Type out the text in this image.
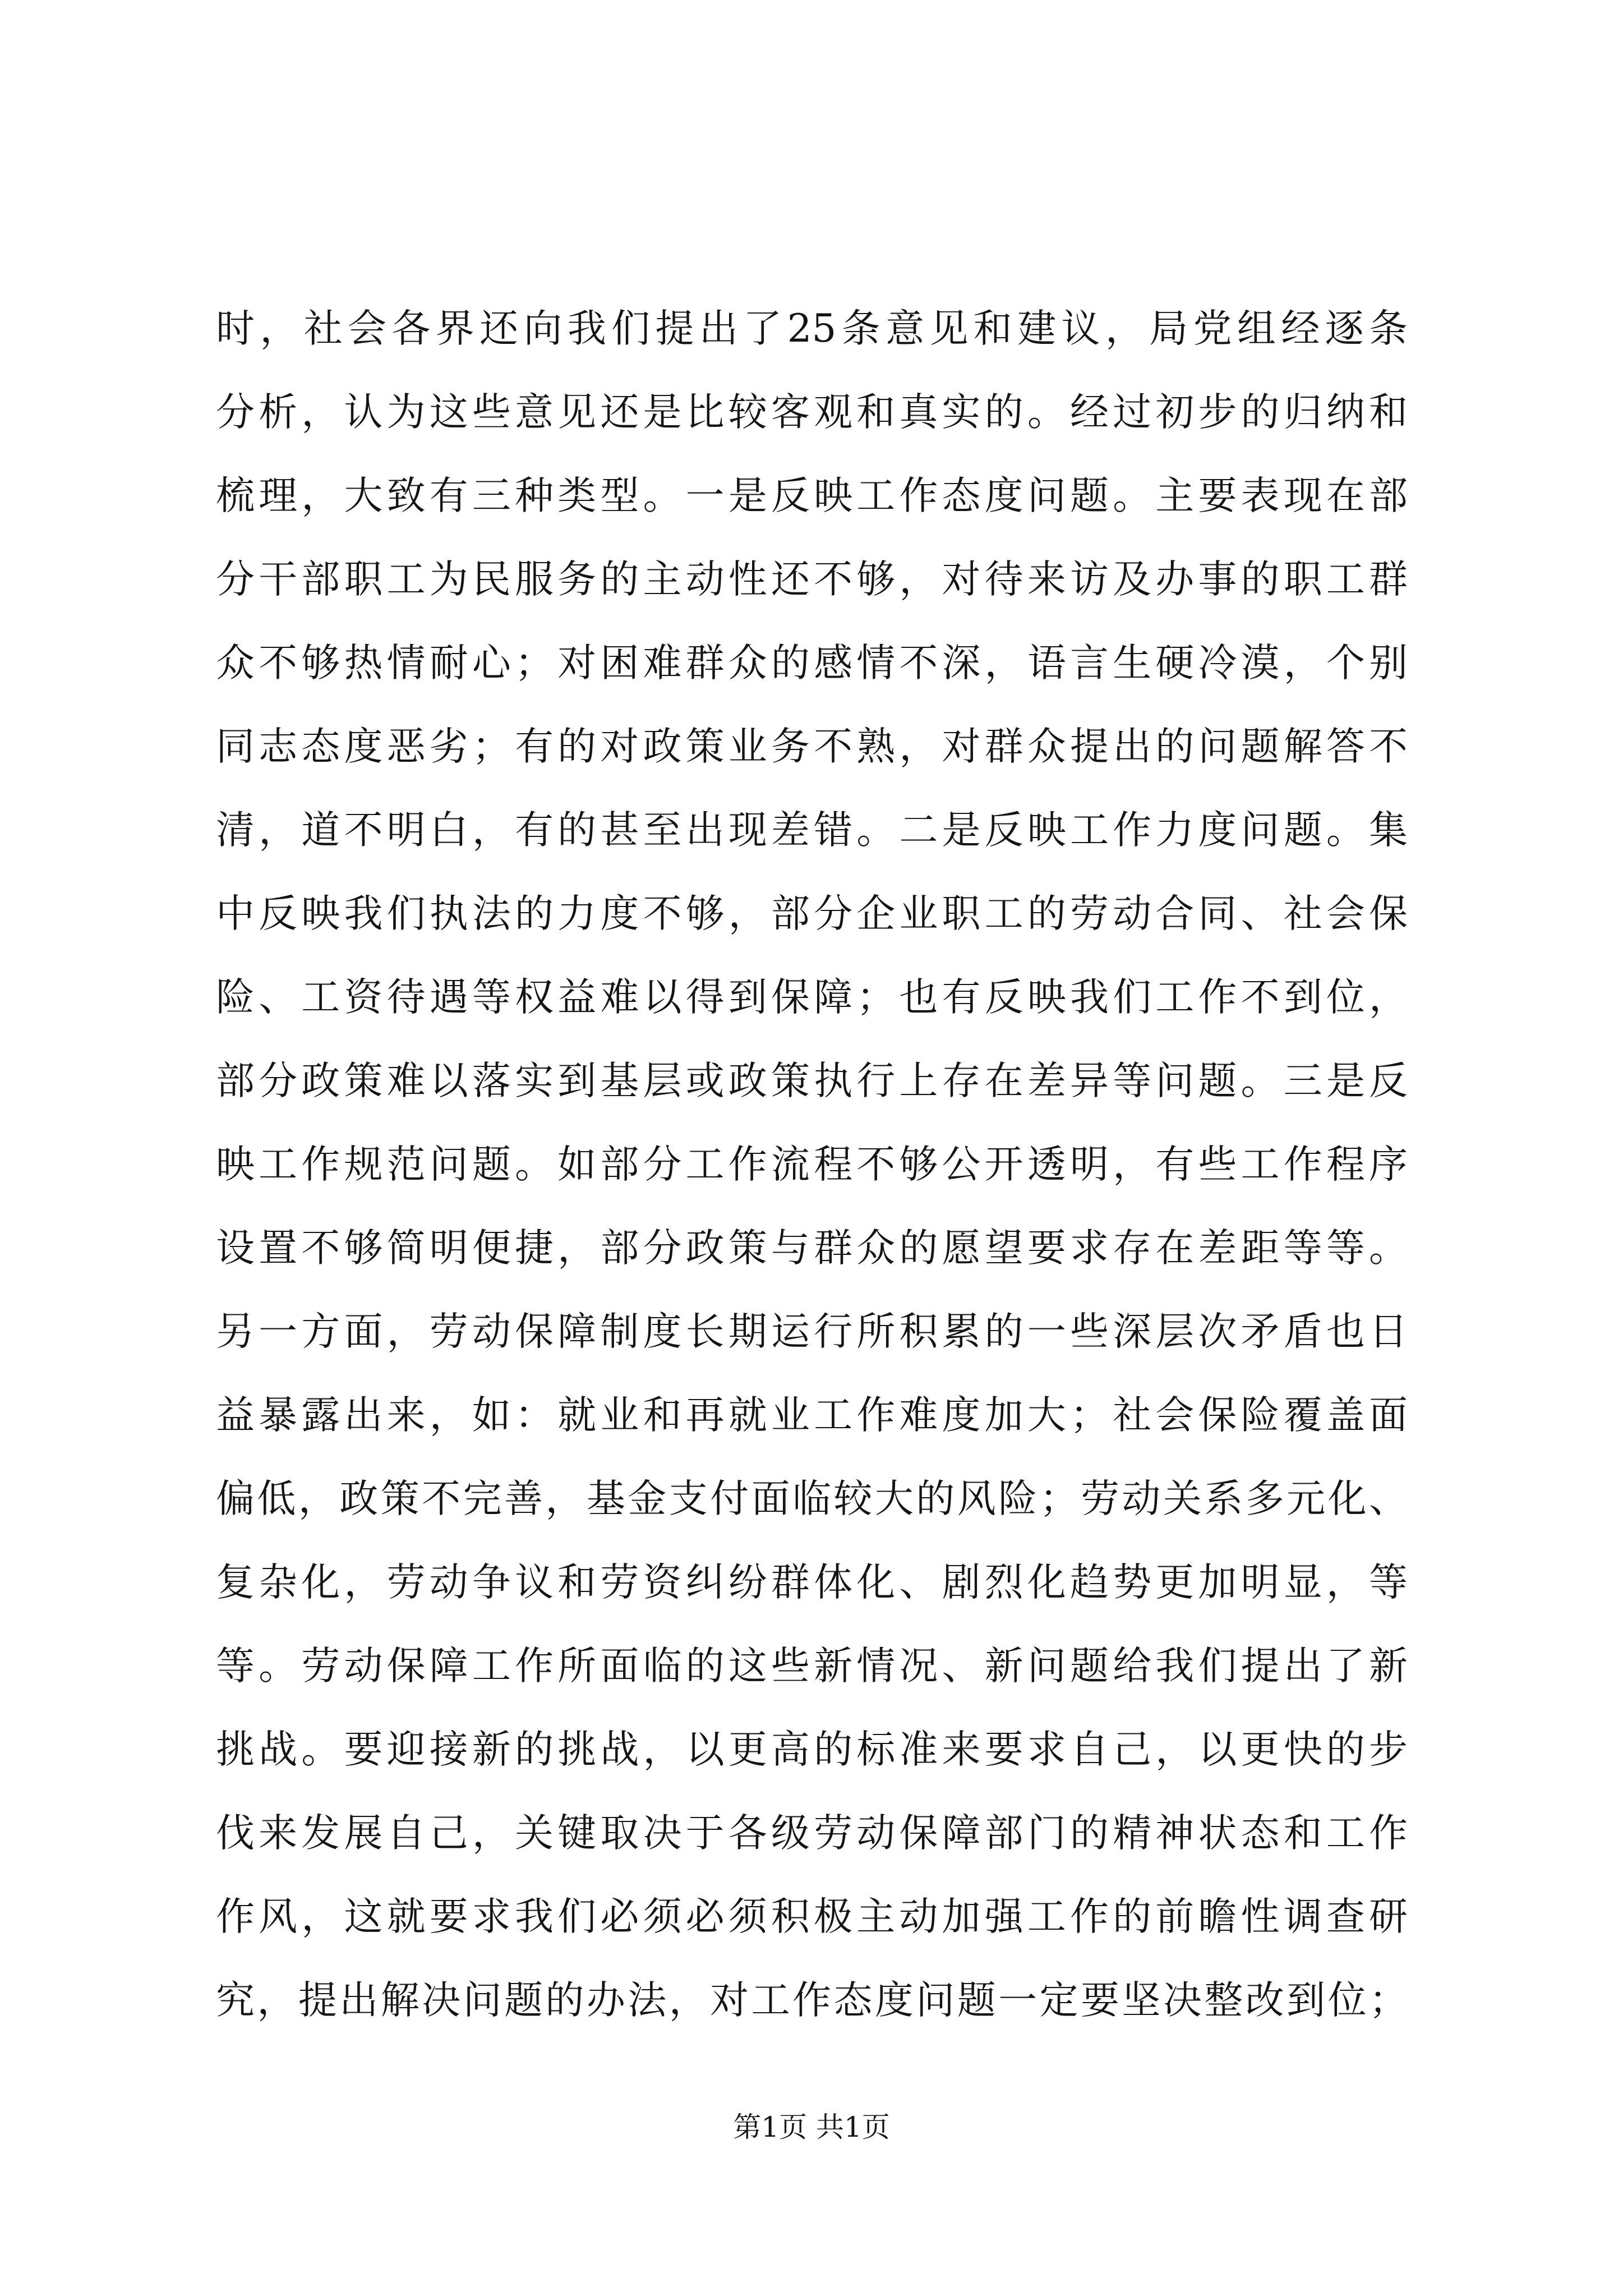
时，社会各界还向我们提出了25条意见和建议，局党组经逐条
分析，认为这些意见还是比较客观和真实的。经过初步的归纳和
梳理，大致有三种类型。一是反映工作态度问题。主要表现在部
分干部职工为民服务的主动性还不够，对待来访及办事的职工群
众不够热情耐心；对困难群众的感情不深，语言生硬冷漠，个别
同志态度恶劣；有的对政策业务不熟，对群众提出的问题解答不
清，道不明白，有的甚至出现差错。二是反映工作力度问题。集
中反映我们执法的力度不够，部分企业职工的劳动合同、社会保
险、工资待遇等权益难以得到保障；也有反映我们工作不到位，
部分政策难以落实到基层或政策执行上存在差异等问题。三是反
映工作规范问题。如部分工作流程不够公开透明，有些工作程序
设置不够简明便捷，部分政策与群众的愿望要求存在差距等等。
另一方面，劳动保障制度长期运行所积累的一些深层次矛盾也日
益暴露出来，如：就业和再就业工作难度加大；社会保险覆盖面
偏低，政策不完善，基金支付面临较大的风险；劳动关系多元化、
复杂化，劳动争议和劳资纠纷群体化、剧烈化趋势更加明显，等
等。劳动保障工作所面临的这些新情况、新问题给我们提出了新
挑战。要迎接新的挑战，以更高的标准来要求自己，以更快的步
伐来发展自己，关键取决于各级劳动保障部门的精神状态和工作
作风，这就要求我们必须必须积极主动加强工作的前瞻性调查研
究，提出解决问题的办法，对工作态度问题一定要坚决整改到位；
第1页 共1页
